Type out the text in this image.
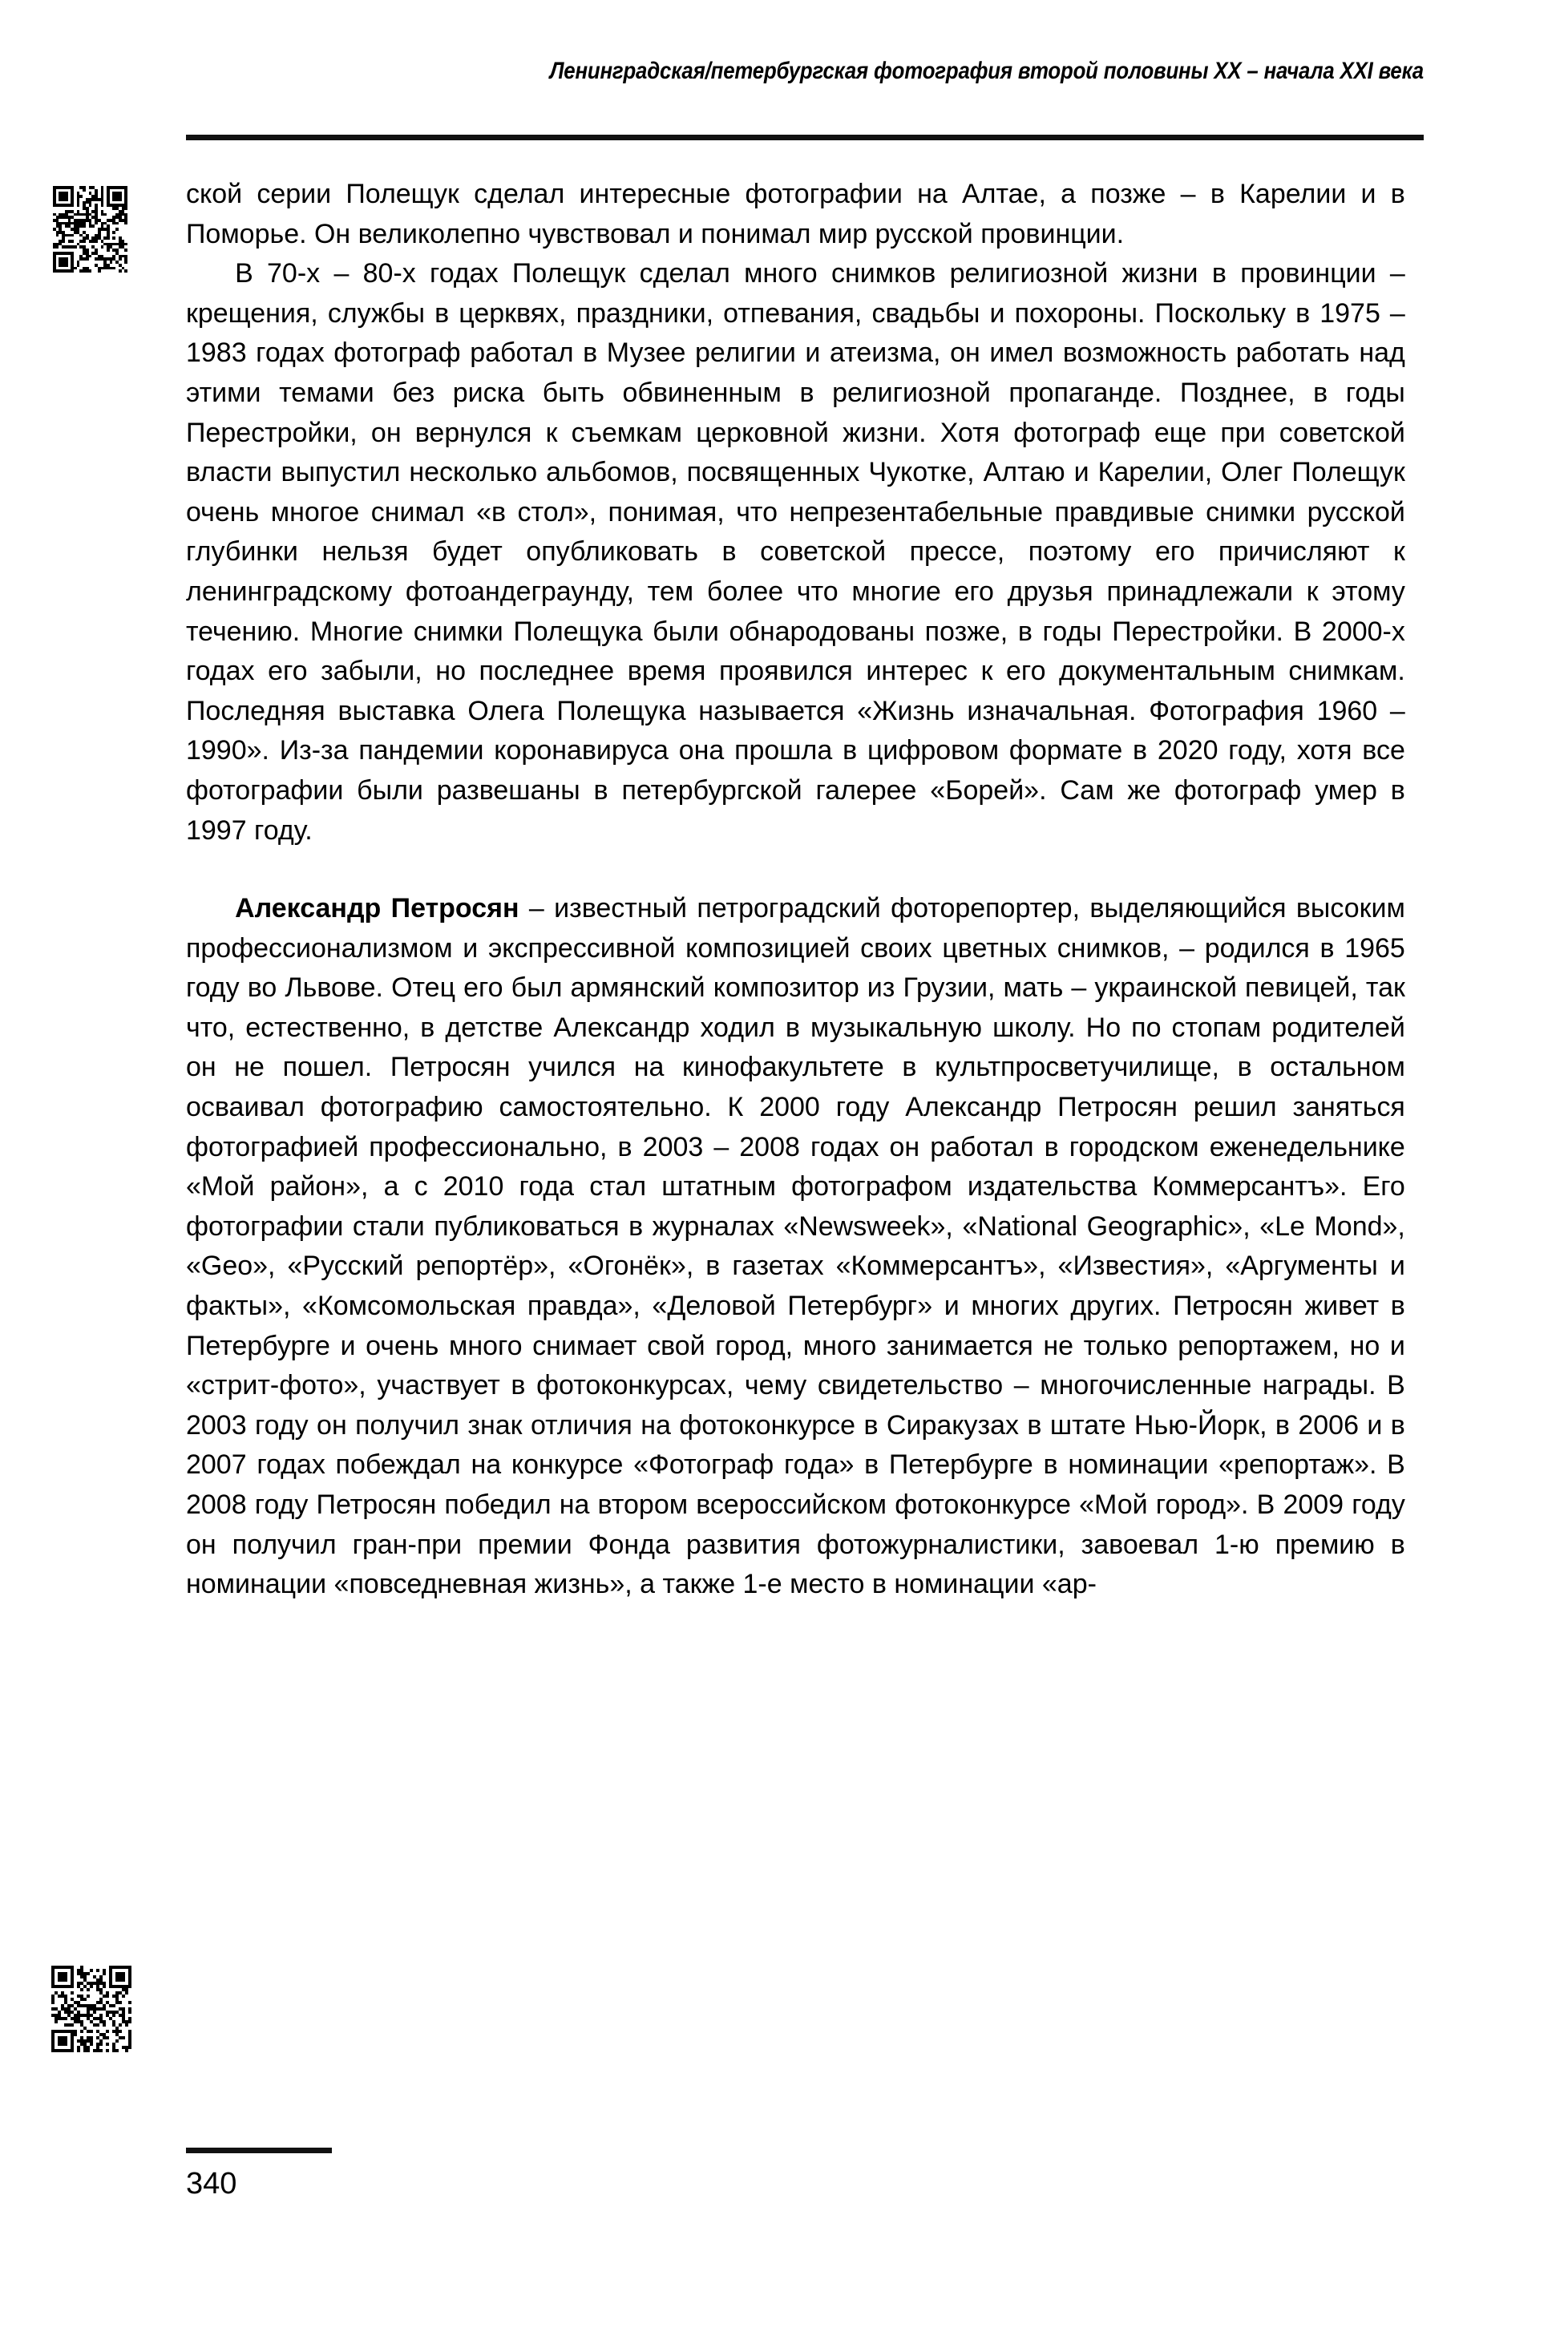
Ленинградская/петербургская фотография второй половины XX – начала XXI века

ской серии Полещук сделал интересные фотографии на Алтае, а позже – в Карелии и в Поморье. Он великолепно чувствовал и понимал мир русской провинции.

В 70-х – 80-х годах Полещук сделал много снимков религиозной жизни в провинции – крещения, службы в церквях, праздники, отпевания, свадьбы и похороны. Поскольку в 1975 – 1983 годах фотограф работал в Музее религии и атеизма, он имел возможность работать над этими темами без риска быть обвиненным в религиозной пропаганде. Позднее, в годы Перестройки, он вернулся к съемкам церковной жизни. Хотя фотограф еще при советской власти выпустил несколько альбомов, посвященных Чукотке, Алтаю и Карелии, Олег Полещук очень многое снимал «в стол», понимая, что непрезентабельные правдивые снимки русской глубинки нельзя будет опубликовать в советской прессе, поэтому его причисляют к ленинградскому фотоандеграунду, тем более что многие его друзья принадлежали к этому течению. Многие снимки Полещука были обнародованы позже, в годы Перестройки. В 2000-х годах его забыли, но последнее время проявился интерес к его документальным снимкам. Последняя выставка Олега Полещука называется «Жизнь изначальная. Фотография 1960 – 1990». Из-за пандемии коронавируса она прошла в цифровом формате в 2020 году, хотя все фотографии были развешаны в петербургской галерее «Борей». Сам же фотограф умер в 1997 году.

Александр Петросян – известный петроградский фоторепортер, выделяющийся высоким профессионализмом и экспрессивной композицией своих цветных снимков, – родился в 1965 году во Львове. Отец его был армянский композитор из Грузии, мать – украинской певицей, так что, естественно, в детстве Александр ходил в музыкальную школу. Но по стопам родителей он не пошел. Петросян учился на кинофакультете в культпросветучилище, в остальном осваивал фотографию самостоятельно. К 2000 году Александр Петросян решил заняться фотографией профессионально, в 2003 – 2008 годах он работал в городском еженедельнике «Мой район», а с 2010 года стал штатным фотографом издательства Коммерсантъ». Его фотографии стали публиковаться в журналах «Newsweek», «National Geographic», «Le Mond», «Geo», «Русский репортёр», «Огонёк», в газетах «Коммерсантъ», «Известия», «Аргументы и факты», «Комсомольская правда», «Деловой Петербург» и многих других. Петросян живет в Петербурге и очень много снимает свой город, много занимается не только репортажем, но и «стрит-фото», участвует в фотоконкурсах, чему свидетельство – многочисленные награды. В 2003 году он получил знак отличия на фотоконкурсе в Сиракузах в штате Нью-Йорк, в 2006 и в 2007 годах побеждал на конкурсе «Фотограф года» в Петербурге в номинации «репортаж». В 2008 году Петросян победил на втором всероссийском фотоконкурсе «Мой город». В 2009 году он получил гран-при премии Фонда развития фотожурналистики, завоевал 1-ю премию в номинации «повседневная жизнь», а также 1-е место в номинации «ар-

340
